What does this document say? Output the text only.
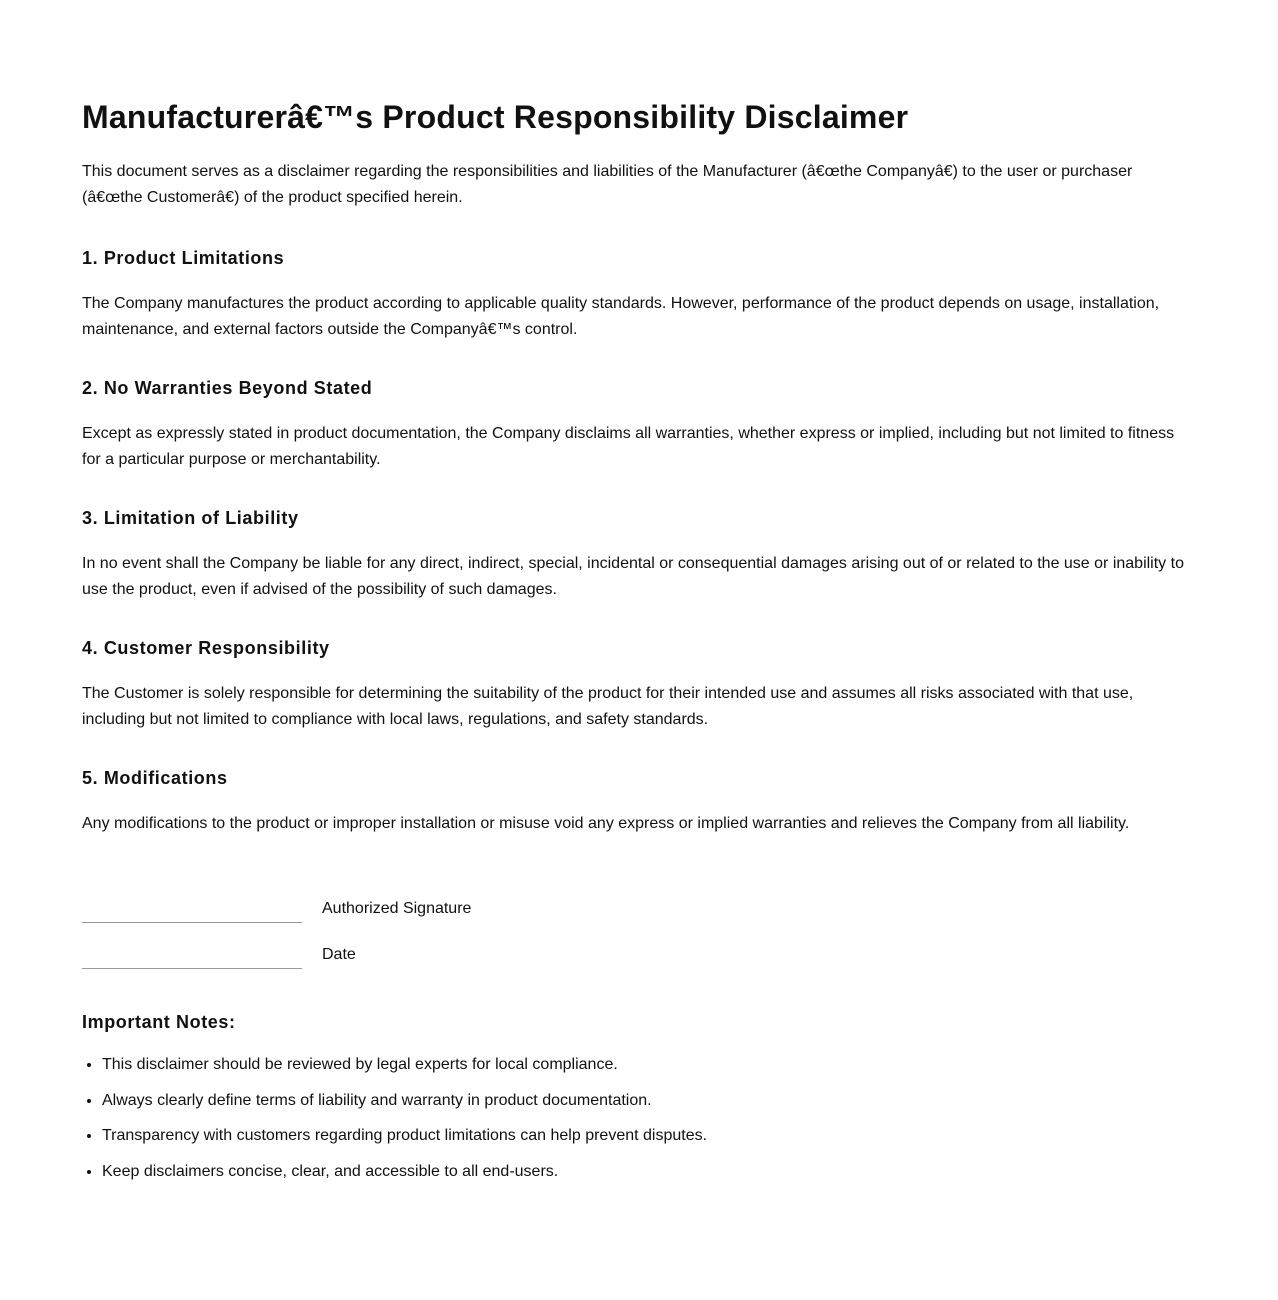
Manufacturerâ€™s Product Responsibility Disclaimer

This document serves as a disclaimer regarding the responsibilities and liabilities of the Manufacturer (â€œthe Companyâ€) to the user or purchaser (â€œthe Customerâ€) of the product specified herein.

1. Product Limitations

The Company manufactures the product according to applicable quality standards. However, performance of the product depends on usage, installation, maintenance, and external factors outside the Companyâ€™s control.

2. No Warranties Beyond Stated

Except as expressly stated in product documentation, the Company disclaims all warranties, whether express or implied, including but not limited to fitness for a particular purpose or merchantability.

3. Limitation of Liability

In no event shall the Company be liable for any direct, indirect, special, incidental or consequential damages arising out of or related to the use or inability to use the product, even if advised of the possibility of such damages.

4. Customer Responsibility

The Customer is solely responsible for determining the suitability of the product for their intended use and assumes all risks associated with that use, including but not limited to compliance with local laws, regulations, and safety standards.

5. Modifications

Any modifications to the product or improper installation or misuse void any express or implied warranties and relieves the Company from all liability.

Authorized Signature
Date
Important Notes:
• This disclaimer should be reviewed by legal experts for local compliance.
• Always clearly define terms of liability and warranty in product documentation.
• Transparency with customers regarding product limitations can help prevent disputes.
• Keep disclaimers concise, clear, and accessible to all end-users.
